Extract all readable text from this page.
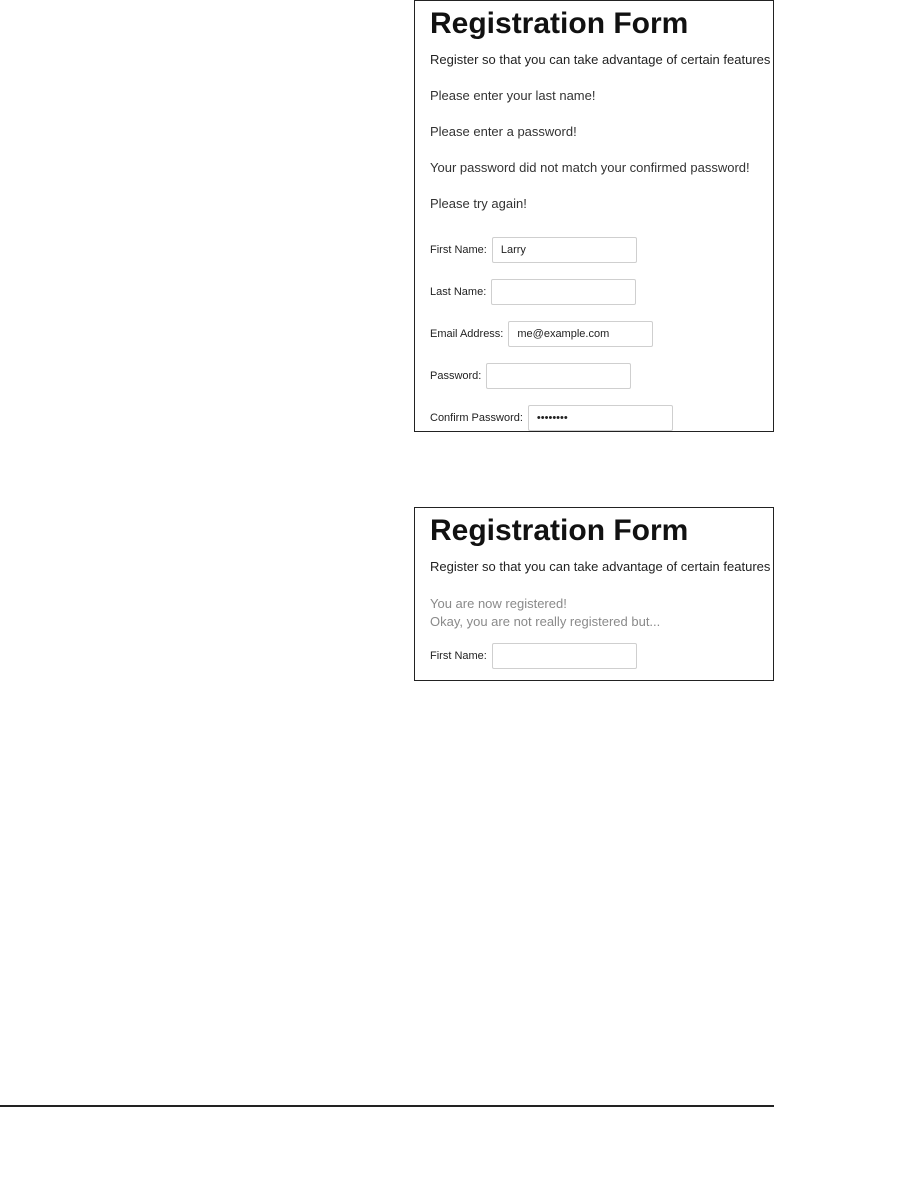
Registration Form

Register so that you can take advantage of certain features

Please enter your last name!

Please enter a password!

Your password did not match your confirmed password!

Please try again!

First Name:
Larry
Last Name:
Email Address:
me@example.com
Password:
Confirm Password:
Registration Form

Register so that you can take advantage of certain features

You are now registered!
Okay, you are not really registered but...
First Name:
